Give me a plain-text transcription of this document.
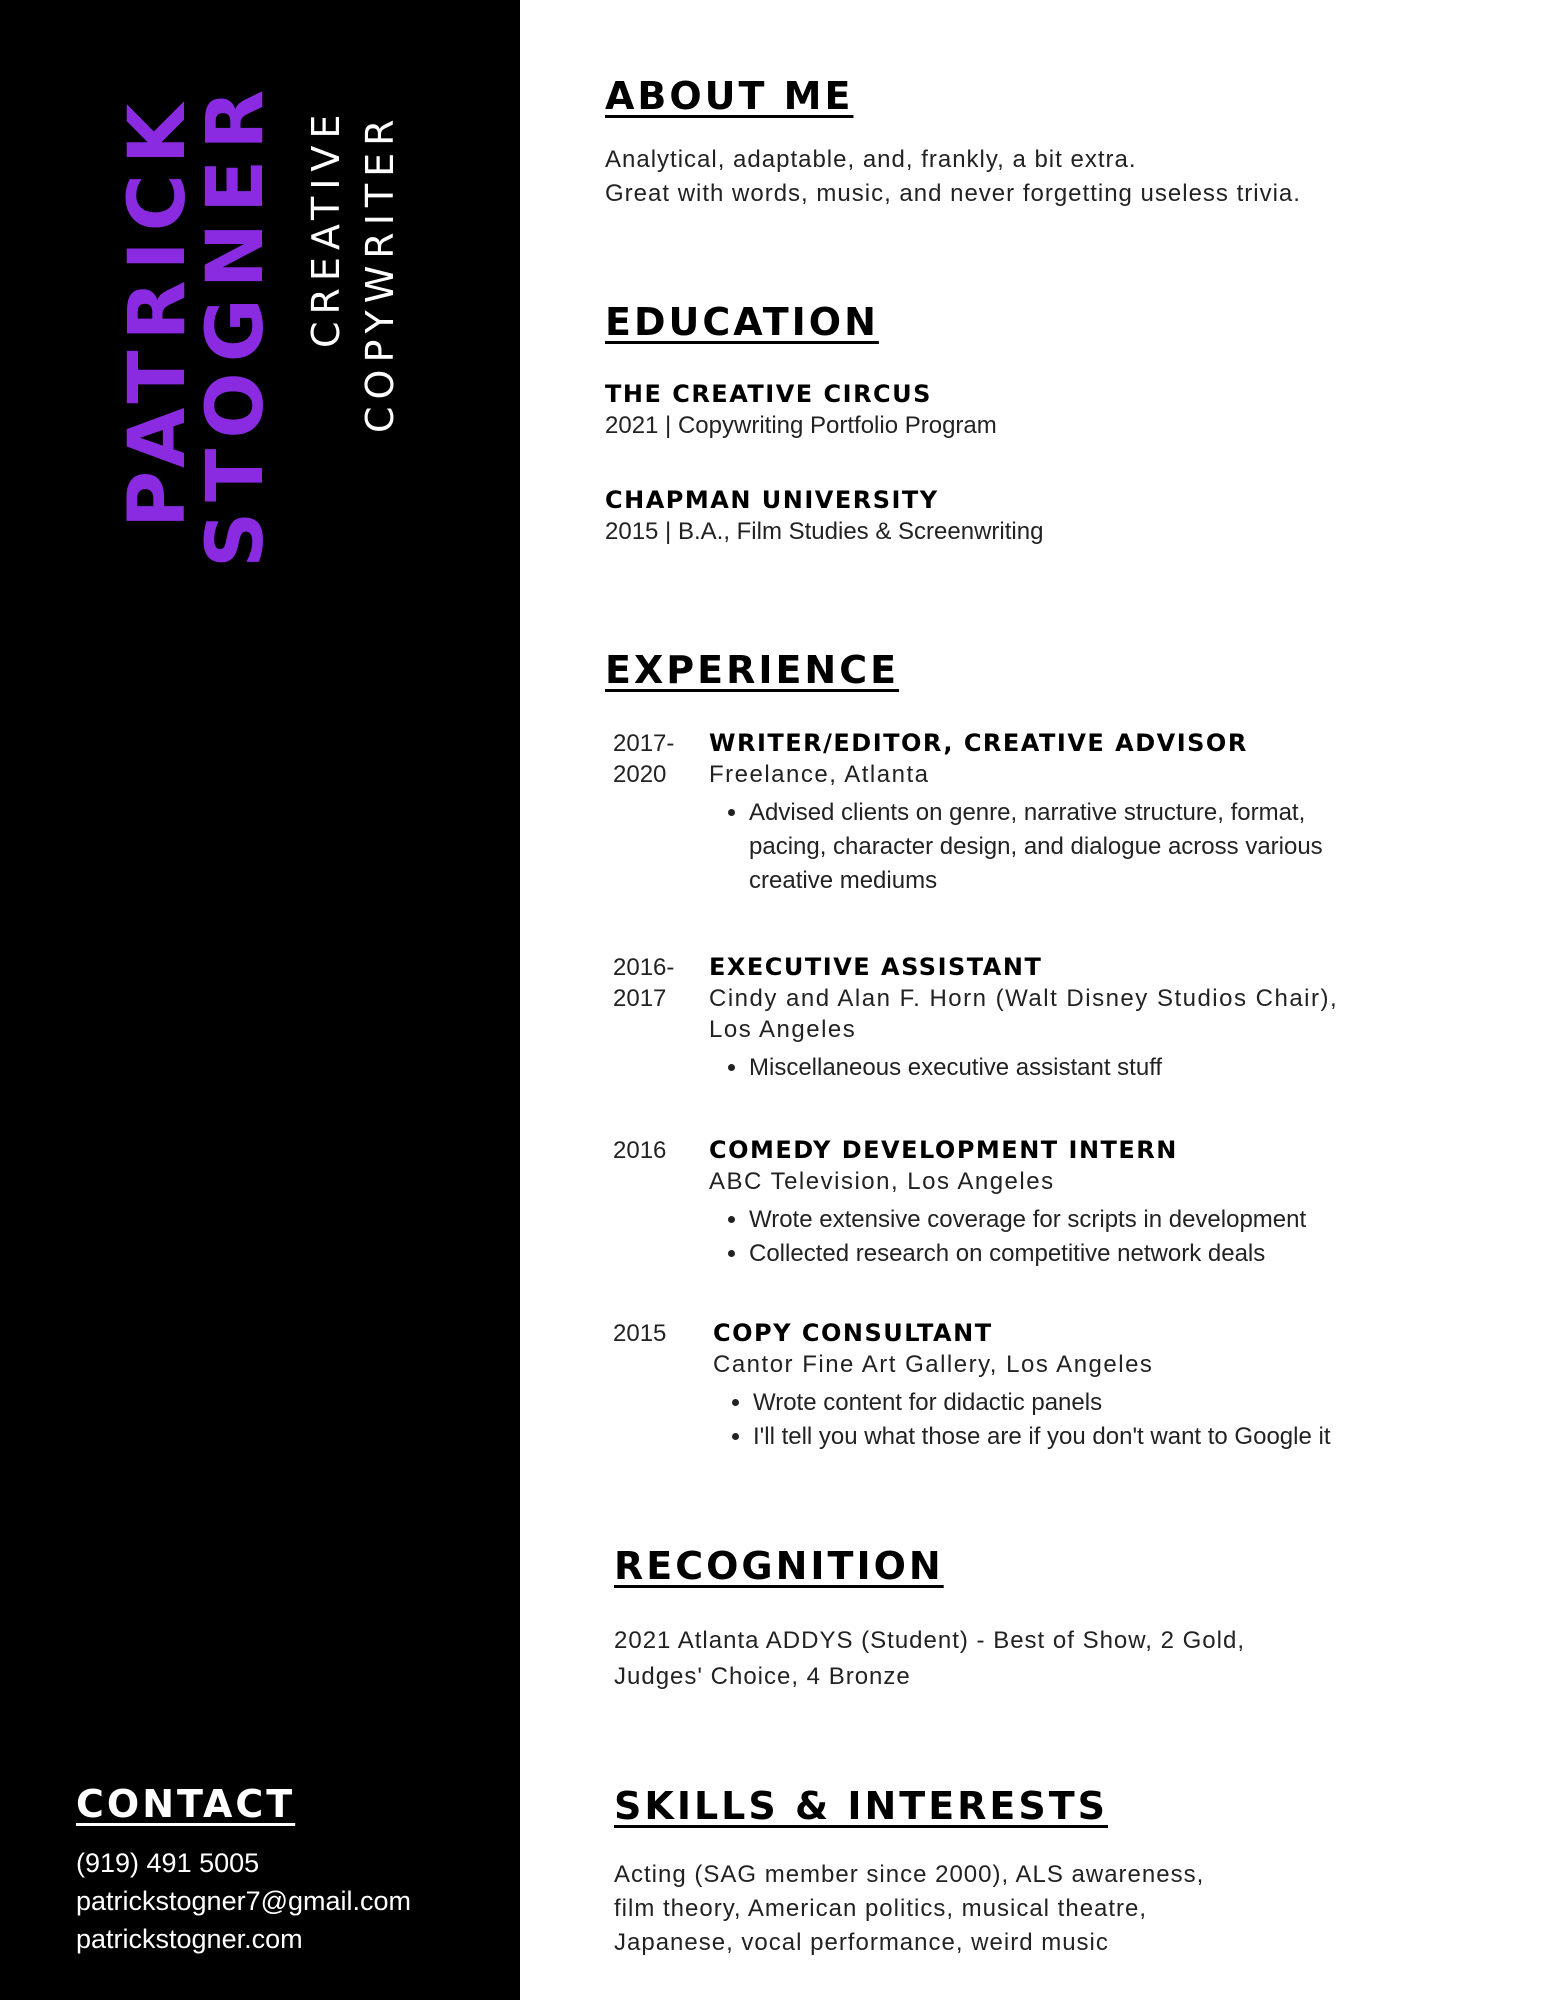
PATRICK
STOGNER CREATIVE COPYWRITER
CONTACT
(919) 491 5005
patrickstogner7@gmail.com
patrickstogner.com
ABOUT ME
Analytical, adaptable, and, frankly, a bit extra.
Great with words, music, and never forgetting useless trivia.
EDUCATION
THE CREATIVE CIRCUS
2021 | Copywriting Portfolio Program
CHAPMAN UNIVERSITY
2015 | B.A., Film Studies & Screenwriting
EXPERIENCE
2017-
2020
WRITER/EDITOR, CREATIVE ADVISOR
Freelance, Atlanta
• Advised clients on genre, narrative structure, format, pacing, character design, and dialogue across various creative mediums
2016-
2017
EXECUTIVE ASSISTANT
Cindy and Alan F. Horn (Walt Disney Studios Chair),
Los Angeles
• Miscellaneous executive assistant stuff
2016	COMEDY DEVELOPMENT INTERN
ABC Television, Los Angeles
• Wrote extensive coverage for scripts in development
• Collected research on competitive network deals
2015	COPY CONSULTANT
Cantor Fine Art Gallery, Los Angeles
• Wrote content for didactic panels
• I'll tell you what those are if you don't want to Google it
RECOGNITION
2021 Atlanta ADDYS (Student) - Best of Show, 2 Gold,
Judges' Choice, 4 Bronze
SKILLS & INTERESTS
Acting (SAG member since 2000), ALS awareness,
film theory, American politics, musical theatre,
Japanese, vocal performance, weird music
